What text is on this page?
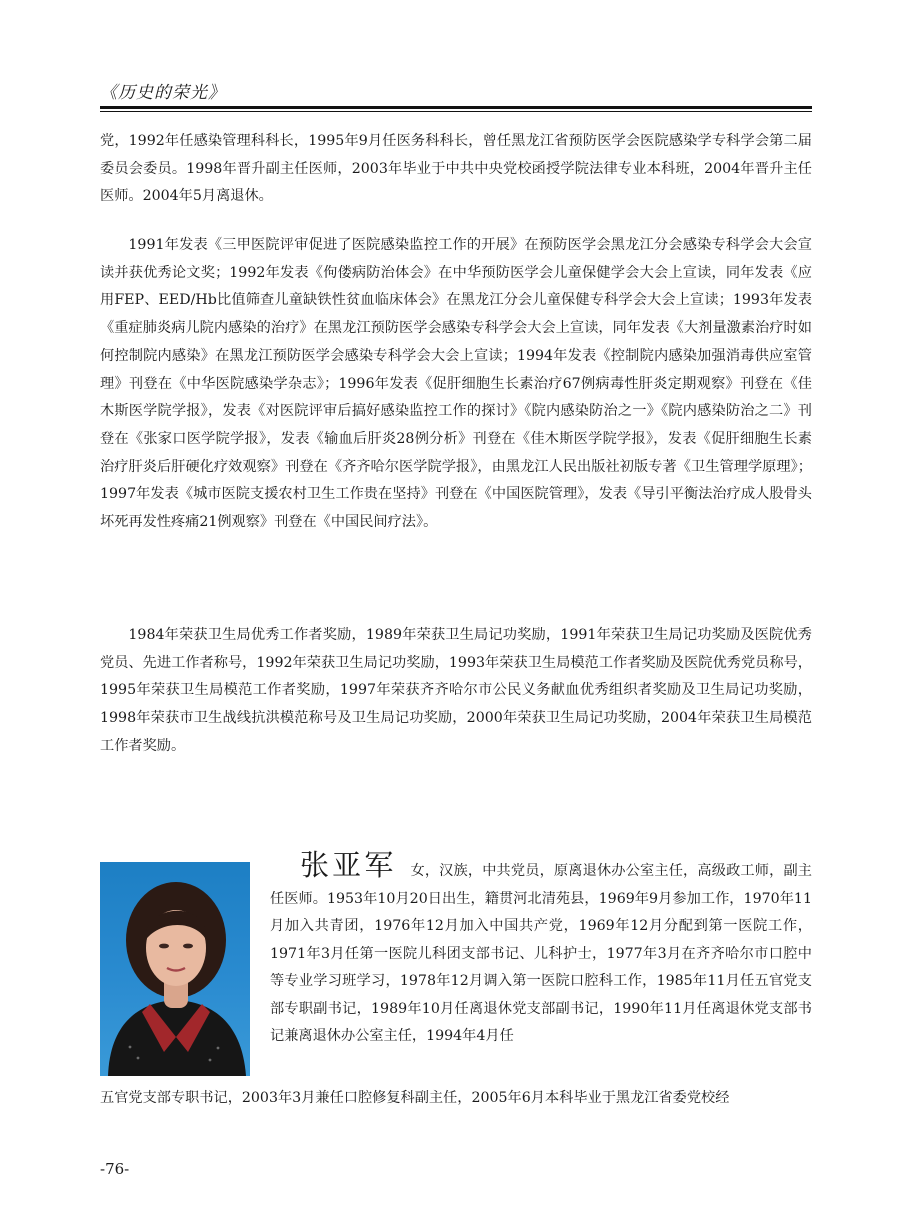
《历史的荣光》
党，1992年任感染管理科科长，1995年9月任医务科科长，曾任黑龙江省预防医学会医院感染学专科学会第二届委员会委员。1998年晋升副主任医师，2003年毕业于中共中央党校函授学院法律专业本科班，2004年晋升主任医师。2004年5月离退休。
1991年发表《三甲医院评审促进了医院感染监控工作的开展》在预防医学会黑龙江分会感染专科学会大会宣读并获优秀论文奖；1992年发表《佝偻病防治体会》在中华预防医学会儿童保健学会大会上宣读，同年发表《应用FEP、EED/Hb比值筛查儿童缺铁性贫血临床体会》在黑龙江分会儿童保健专科学会大会上宣读；1993年发表《重症肺炎病儿院内感染的治疗》在黑龙江预防医学会感染专科学会大会上宣读，同年发表《大剂量激素治疗时如何控制院内感染》在黑龙江预防医学会感染专科学会大会上宣读；1994年发表《控制院内感染加强消毒供应室管理》刊登在《中华医院感染学杂志》；1996年发表《促肝细胞生长素治疗67例病毒性肝炎定期观察》刊登在《佳木斯医学院学报》，发表《对医院评审后搞好感染监控工作的探讨》《院内感染防治之一》《院内感染防治之二》刊登在《张家口医学院学报》，发表《输血后肝炎28例分析》刊登在《佳木斯医学院学报》，发表《促肝细胞生长素治疗肝炎后肝硬化疗效观察》刊登在《齐齐哈尔医学院学报》，由黑龙江人民出版社初版专著《卫生管理学原理》；1997年发表《城市医院支援农村卫生工作贵在坚持》刊登在《中国医院管理》，发表《导引平衡法治疗成人股骨头坏死再发性疼痛21例观察》刊登在《中国民间疗法》。
1984年荣获卫生局优秀工作者奖励，1989年荣获卫生局记功奖励，1991年荣获卫生局记功奖励及医院优秀党员、先进工作者称号，1992年荣获卫生局记功奖励，1993年荣获卫生局模范工作者奖励及医院优秀党员称号，1995年荣获卫生局模范工作者奖励，1997年荣获齐齐哈尔市公民义务献血优秀组织者奖励及卫生局记功奖励，1998年荣获市卫生战线抗洪模范称号及卫生局记功奖励，2000年荣获卫生局记功奖励，2004年荣获卫生局模范工作者奖励。
张亚军 女，汉族，中共党员，原离退休办公室主任，高级政工师，副主任医师。1953年10月20日出生，籍贯河北清苑县，1969年9月参加工作，1970年11月加入共青团，1976年12月加入中国共产党，1969年12月分配到第一医院工作，1971年3月任第一医院儿科团支部书记、儿科护士，1977年3月在齐齐哈尔市口腔中等专业学习班学习，1978年12月调入第一医院口腔科工作，1985年11月任五官党支部专职副书记，1989年10月任离退休党支部副书记，1990年11月任离退休党支部书记兼离退休办公室主任，1994年4月任
五官党支部专职书记，2003年3月兼任口腔修复科副主任，2005年6月本科毕业于黑龙江省委党校经
-76-
